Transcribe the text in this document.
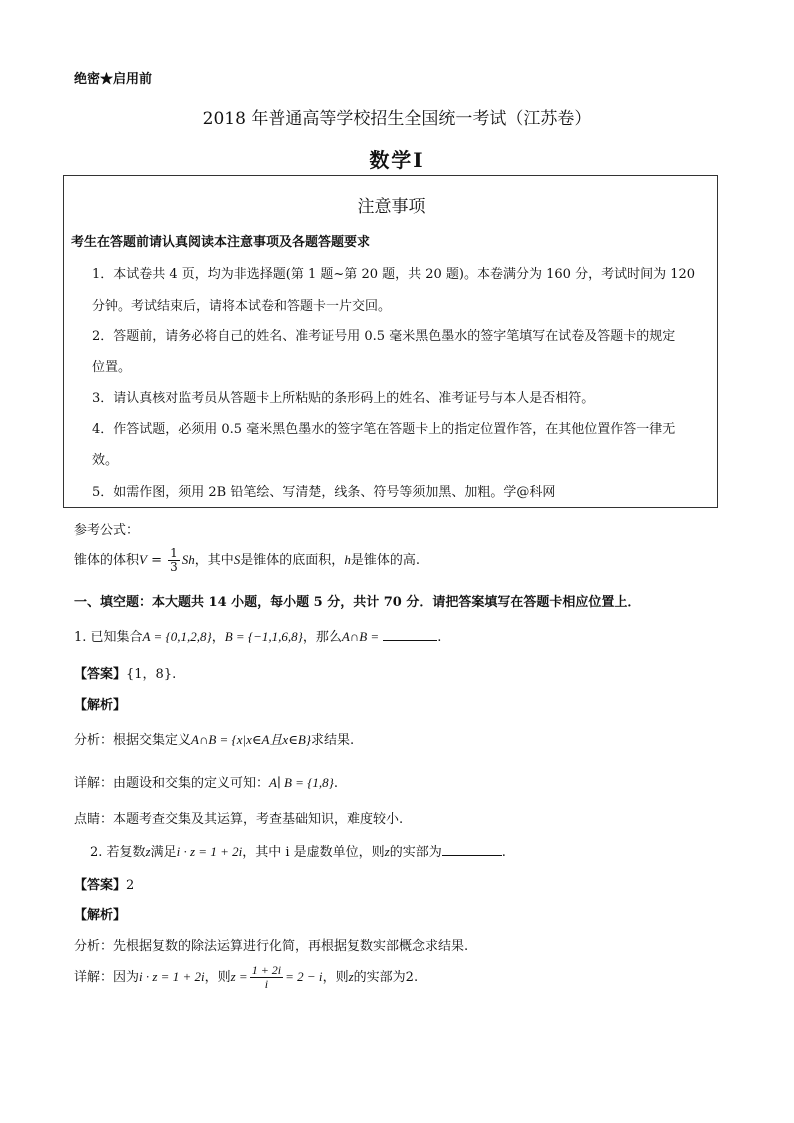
绝密★启用前
2018 年普通高等学校招生全国统一考试（江苏卷）
数学Ⅰ
注意事项
考生在答题前请认真阅读本注意事项及各题答题要求
1．本试卷共 4 页，均为非选择题(第 1 题~第 20 题，共 20 题)。本卷满分为 160 分，考试时间为 120
分钟。考试结束后，请将本试卷和答题卡一片交回。
2．答题前，请务必将自己的姓名、准考证号用 0.5 毫米黑色墨水的签字笔填写在试卷及答题卡的规定
位置。
3．请认真核对监考员从答题卡上所粘贴的条形码上的姓名、准考证号与本人是否相符。
4．作答试题，必须用 0.5 毫米黑色墨水的签字笔在答题卡上的指定位置作答，在其他位置作答一律无
效。
5．如需作图，须用 2B 铅笔绘、写清楚，线条、符号等须加黑、加粗。学@科网
参考公式：
锥体的体积$V = \frac{1}{3}$ Sh，其中S是锥体的底面积，h是锥体的高.
一、填空题：本大题共 14 小题，每小题 5 分，共计 70 分．请把答案填写在答题卡相应位置上．
1. 已知集合A = {0,1,2,8}，B = {−1,1,6,8}，那么A∩B =	.
【答案】{1，8}.
【解析】
分析：根据交集定义A∩B = {x|x∈A且x∈B}求结果.
详解：由题设和交集的定义可知：A∣ B = {1,8}.
点睛：本题考查交集及其运算，考查基础知识，难度较小.
2. 若复数z满足i · z = 1 + 2i，其中 i 是虚数单位，则z的实部为	.
【答案】2
【解析】
分析：先根据复数的除法运算进行化简，再根据复数实部概念求结果.
详解：因为i · z = 1 + 2i，则$z = \frac{1 + 2i}{i} = 2 - i$，则z的实部为2.
